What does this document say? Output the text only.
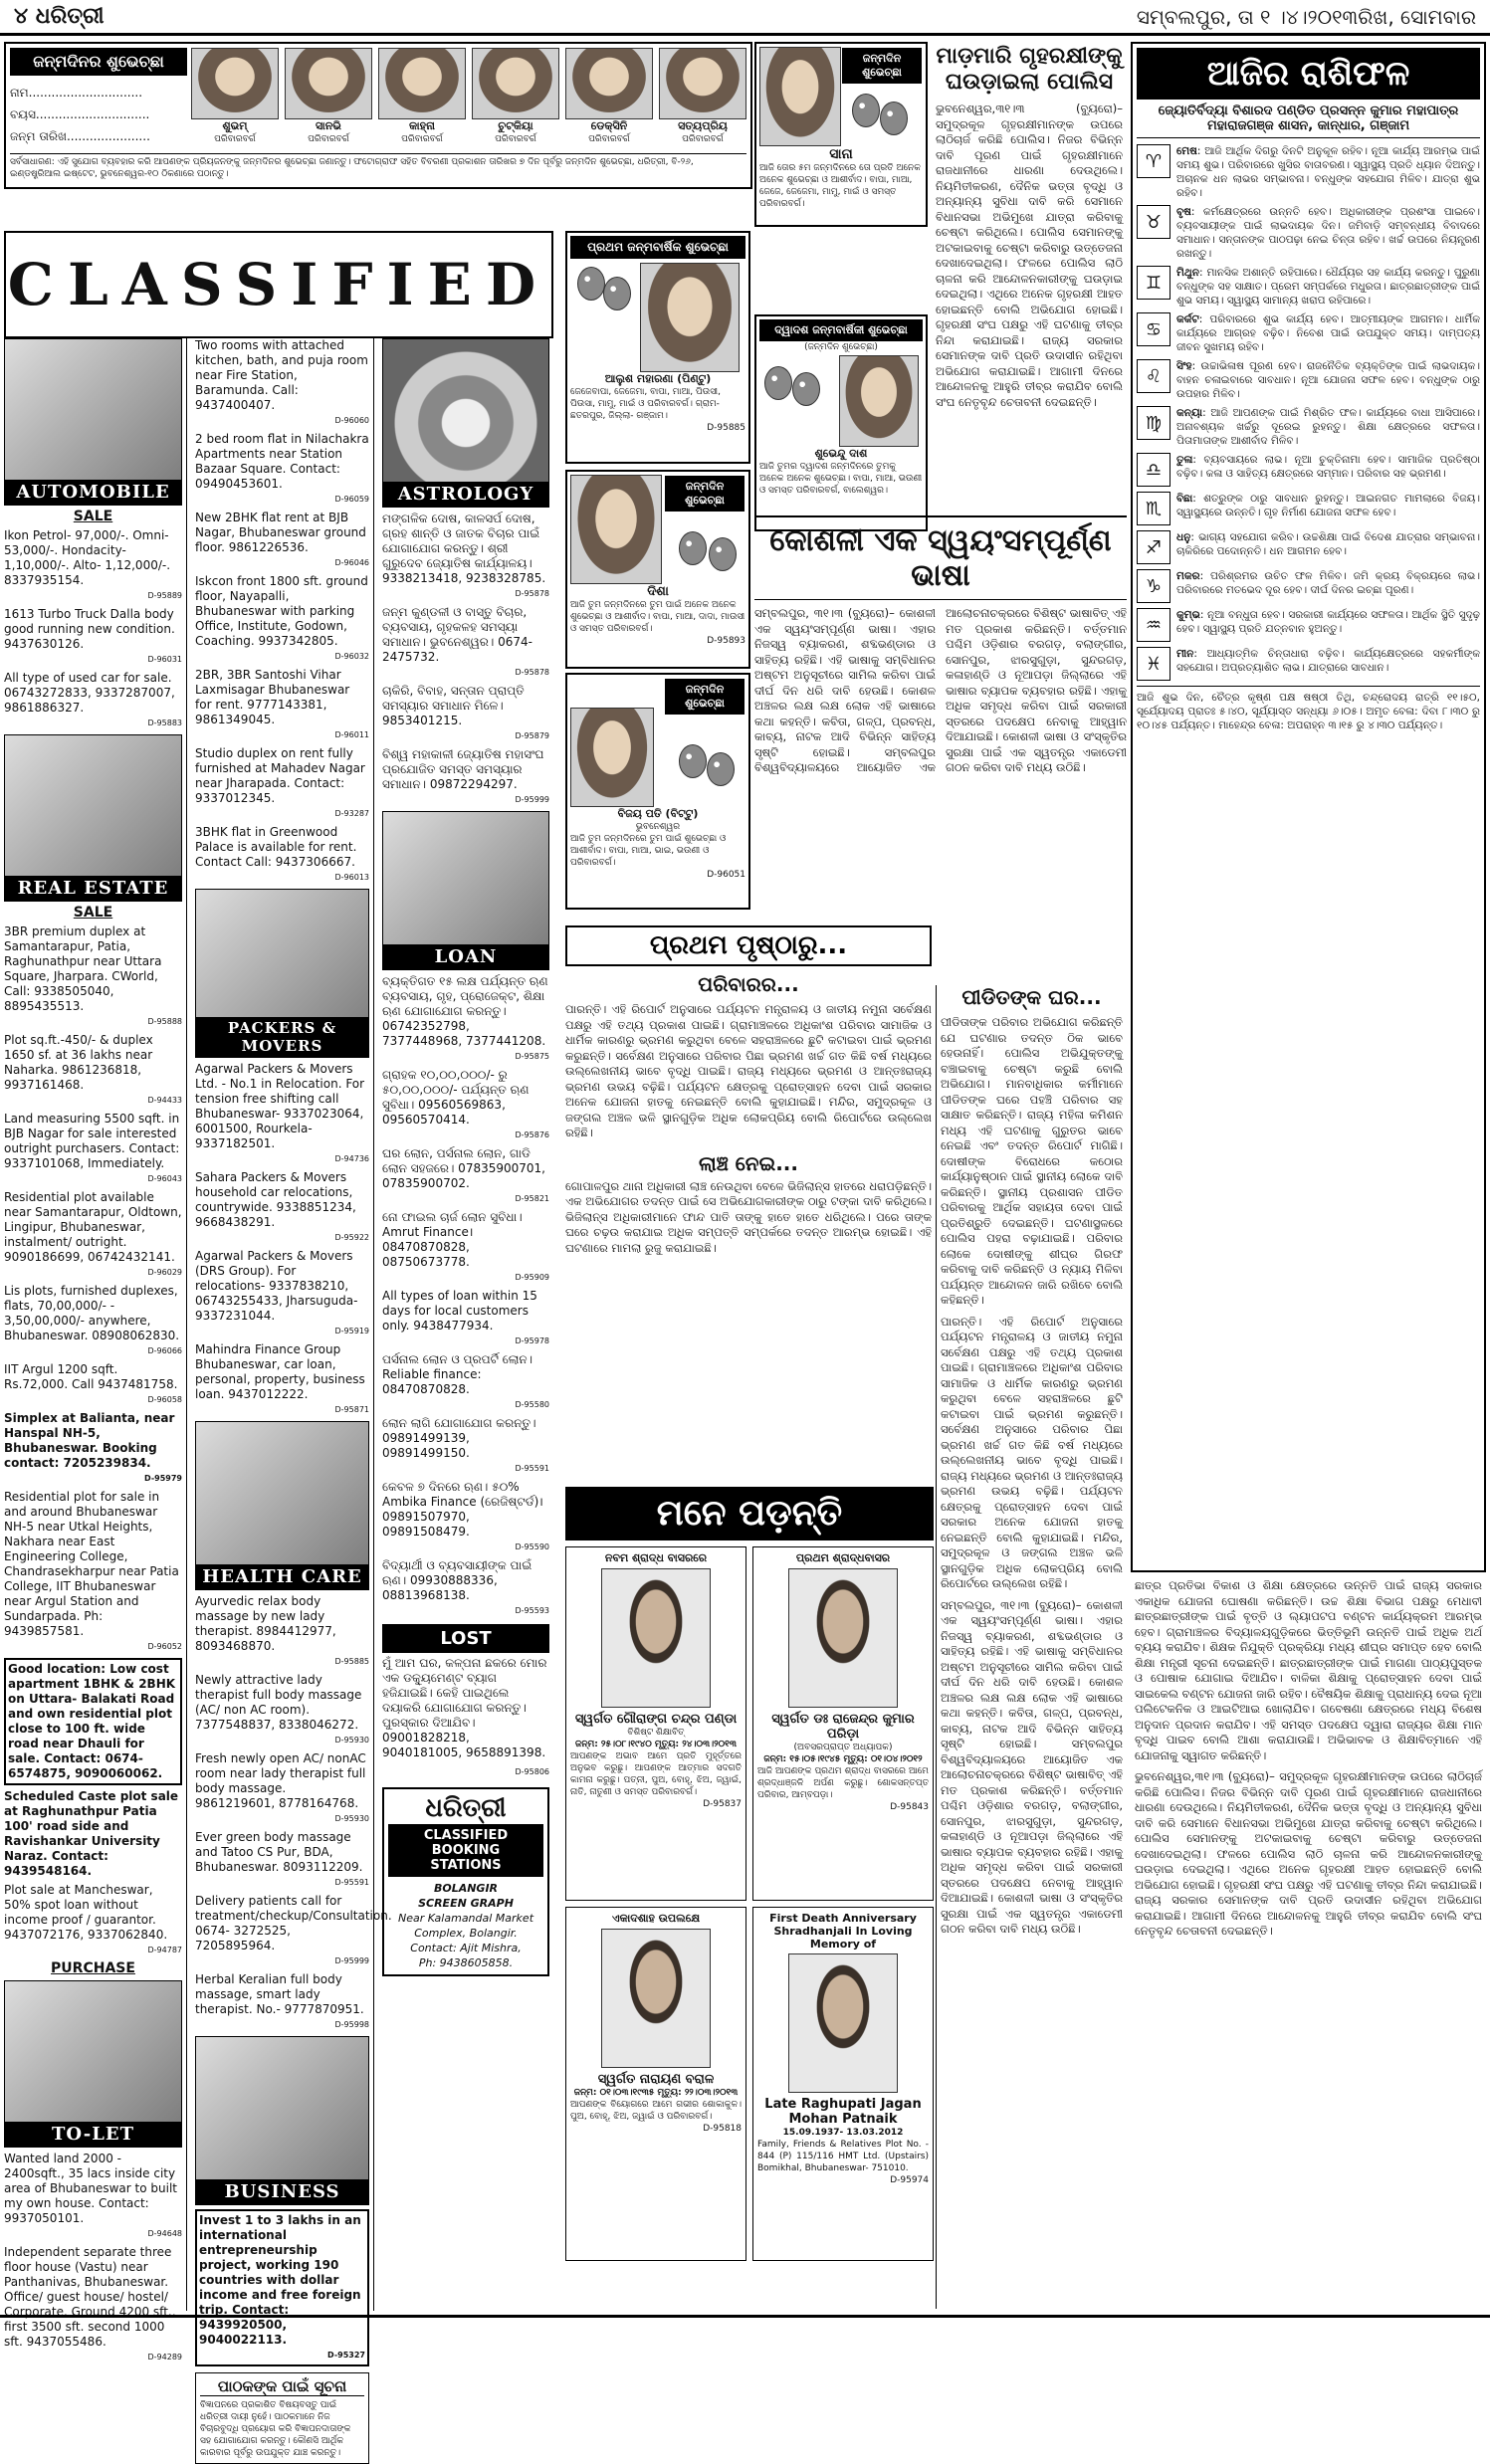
୪ ଧରିତ୍ରୀ	ସମ୍ବଲପୁର, ତା ୧ ।୪।୨୦୧୩ରିଖ, ସୋମବାର
ଜନ୍ମଦିନର ଶୁଭେଚ୍ଛା
ନାମ..............................
ବୟସ..............................
ଜନ୍ମ ତାରିଖ......................
ଶୁଭମ୍
ପରିବାରବର୍ଗ
ସାନଭି
ପରିବାରବର୍ଗ
କାହ୍ନା
ପରିବାରବର୍ଗ
ଚୁଟ୍‌କିୟା
ପରିବାରବର୍ଗ
ଡେକ୍ସିନି
ପରିବାରବର୍ଗ
ସତ୍ୟପ୍ରିୟ
ପରିବାରବର୍ଗ
ସର୍ବସାଧାରଣ: ଏହି ସୁଯୋଗ ବ୍ୟବହାର କରି ଆପଣଙ୍କ ପ୍ରିୟଜନଙ୍କୁ ଜନ୍ମଦିନର ଶୁଭେଚ୍ଛା ଜଣାନ୍ତୁ। ଫଟୋଗ୍ରାଫ ସହିତ ବିବରଣୀ ପ୍ରକାଶନ ତାରିଖର ୭ ଦିନ ପୂର୍ବରୁ ଜନ୍ମଦିନ ଶୁଭେଚ୍ଛା, ଧରିତ୍ରୀ, ବି-୨୬, ଇଣ୍ଡଷ୍ଟ୍ରିଆଲ ଇଷ୍ଟେଟ, ଭୁବନେଶ୍ୱର-୧୦ ଠିକଣାରେ ପଠାନ୍ତୁ।
CLASSIFIED
AUTOMOBILE
SALE
Ikon Petrol- 97,000/-. Omni- 53,000/-. Hondacity- 1,10,000/-. Alto- 1,12,000/-. 8337935154.
D-95889
1613 Turbo Truck Dalla body good running new condition. 9437630126.
D-96031
All type of used car for sale. 06743272833, 9337287007, 9861886327.
D-95883
REAL ESTATE
SALE
3BR premium duplex at Samantarapur, Patia, Raghunathpur near Uttara Square, Jharpara. CWorld, Call: 9338505040, 8895435513.
D-95888
Plot sq.ft.-450/- & duplex 1650 sf. at 36 lakhs near Naharka. 9861236818, 9937161468.
D-94433
Land measuring 5500 sqft. in BJB Nagar for sale interested outright purchasers. Contact: 9337101068, Immediately.
D-96043
Residential plot available near Samantarapur, Oldtown, Lingipur, Bhubaneswar, instalment/ outright. 9090186699, 06742432141.
D-96029
Lis plots, furnished duplexes, flats, 70,00,000/- - 3,50,00,000/- anywhere, Bhubaneswar. 08908062830.
D-96066
IIT Argul 1200 sqft. Rs.72,000. Call 9437481758.
D-96058
Simplex at Balianta, near Hanspal NH-5, Bhubaneswar. Booking contact: 7205239834.
D-95979
Residential plot for sale in and around Bhubaneswar NH-5 near Utkal Heights, Nakhara near East Engineering College, Chandrasekharpur near Patia College, IIT Bhubaneswar near Argul Station and Sundarpada. Ph: 9439857581.
D-96052
Good location: Low cost apartment 1BHK & 2BHK on Uttara- Balakati Road and own residential plot close to 100 ft. wide road near Dhauli for sale. Contact: 0674-6574875, 9090060062.
Scheduled Caste plot sale at Raghunathpur Patia 100' road side and Ravishankar University Naraz. Contact: 9439548164.
Plot sale at Mancheswar, 50% spot loan without income proof / guarantor. 9437072176, 9337062840.
D-94787
PURCHASE
TO-LET
Wanted land 2000 - 2400sqft., 35 lacs inside city area of Bhubaneswar to built my own house. Contact: 9937050101.
D-94648
Independent separate three floor house (Vastu) near Panthanivas, Bhubaneswar. Office/ guest house/ hostel/ Corporate. Ground 4200 sft., first 3500 sft. second 1000 sft. 9437055486.
D-94289
Two rooms with attached kitchen, bath, and puja room near Fire Station, Baramunda. Call: 9437400407.
D-96060
2 bed room flat in Nilachakra Apartments near Station Bazaar Square. Contact: 09490453601.
D-96059
New 2BHK flat rent at BJB Nagar, Bhubaneswar ground floor. 9861226536.
D-96046
Iskcon front 1800 sft. ground floor, Nayapalli, Bhubaneswar with parking Office, Institute, Godown, Coaching. 9937342805.
D-96032
2BR, 3BR Santoshi Vihar Laxmisagar Bhubaneswar for rent. 9777143381, 9861349045.
D-96011
Studio duplex on rent fully furnished at Mahadev Nagar near Jharapada. Contact: 9337012345.
D-93287
3BHK flat in Greenwood Palace is available for rent. Contact Call: 9437306667.
D-96013
PACKERS & MOVERS
Agarwal Packers & Movers Ltd. - No.1 in Relocation. For tension free shifting call Bhubaneswar- 9337023064, 6001500, Rourkela-9337182501.
D-94736
Sahara Packers & Movers household car relocations, countrywide. 9338851234, 9668438291.
D-95922
Agarwal Packers & Movers (DRS Group). For relocations- 9337838210, 06743255433, Jharsuguda- 9337231044.
D-95919
Mahindra Finance Group Bhubaneswar, car loan, personal, property, business loan. 9437012222.
D-95871
HEALTH CARE
Ayurvedic relax body massage by new lady therapist. 8984412977, 8093468870.
D-95885
Newly attractive lady therapist full body massage (AC/ non AC room). 7377548837, 8338046272.
D-95930
Fresh newly open AC/ nonAC room near lady therapist full body massage. 9861219601, 8778164768.
D-95930
Ever green body massage and Tatoo CS Pur, BDA, Bhubaneswar. 8093112209.
D-95591
Delivery patients call for treatment/checkup/Consultation. 0674- 3272525, 7205895964.
D-95999
Herbal Keralian full body massage, smart lady therapist. No.- 9777870951.
D-95998
BUSINESS
Invest 1 to 3 lakhs in an international entrepreneurship project, working 190 countries with dollar income and free foreign trip. Contact: 9439920500, 9040022113.
D-95327
ପାଠକଙ୍କ ପାଇଁ ସୂଚନା
ବିଜ୍ଞାପନରେ ପ୍ରକାଶିତ ବିଷୟବସ୍ତୁ ପାଇଁ ଧରିତ୍ରୀ ଦାୟୀ ନୁହେଁ। ପାଠକମାନେ ନିଜ ବିଚାରବୁଦ୍ଧି ପ୍ରୟୋଗ କରି ବିଜ୍ଞାପନଦାତାଙ୍କ ସହ ଯୋଗାଯୋଗ କରନ୍ତୁ। କୌଣସି ଆର୍ଥିକ କାରବାର ପୂର୍ବରୁ ଉପଯୁକ୍ତ ଯାଞ୍ଚ କରନ୍ତୁ।
ASTROLOGY
ମଙ୍ଗଳିକ ଦୋଷ, କାଳସର୍ପ ଦୋଷ, ଗ୍ରହ ଶାନ୍ତି ଓ ଜାତକ ବିଚାର ପାଇଁ ଯୋଗାଯୋଗ କରନ୍ତୁ। ଶ୍ରୀ ଗୁରୁଦେବ ଜ୍ୟୋତିଷ କାର୍ଯ୍ୟାଳୟ। 9338213418, 9238328785.
D-95878
ଜନ୍ମ କୁଣ୍ଡଳୀ ଓ ବାସ୍ତୁ ବିଚାର, ବ୍ୟବସାୟ, ଗୃହକଳହ ସମସ୍ୟା ସମାଧାନ। ଭୁବନେଶ୍ୱର। 0674-2475732.
D-95878
ଚାକିରି, ବିବାହ, ସନ୍ତାନ ପ୍ରାପ୍ତି ସମସ୍ୟାର ସମାଧାନ ମିଳେ। 9853401215.
D-95879
ବିଶ୍ୱ ମହାକାଳୀ ଜ୍ୟୋତିଷ ମହାସଂଘ ପ୍ରଯୋଜିତ ସମସ୍ତ ସମସ୍ୟାର ସମାଧାନ। 09872294297.
D-95999
LOAN
ବ୍ୟକ୍ତିଗତ ୧୫ ଲକ୍ଷ ପର୍ଯ୍ୟନ୍ତ ଋଣ ବ୍ୟବସାୟ, ଗୃହ, ପ୍ରୋଜେକ୍ଟ, ଶିକ୍ଷା ଋଣ ଯୋଗାଯୋଗ କରନ୍ତୁ। 06742352798, 7377448968, 7377441208.
D-95875
ଗ୍ରାହକ ୧୦,୦୦,୦୦୦/- ରୁ ୫୦,୦୦,୦୦୦/- ପର୍ଯ୍ୟନ୍ତ ଋଣ ସୁବିଧା। 09560569863, 09560570414.
D-95876
ଘର ଲୋନ, ପର୍ସନାଲ ଲୋନ, ଗାଡି ଲୋନ ସହଜରେ। 07835900701, 07835900702.
D-95821
ନୋ ଫାଇଲ ଚାର୍ଜ ଲୋନ ସୁବିଧା। Amrut Finance। 08470870828, 08750673778.
D-95909
All types of loan within 15 days for local customers only. 9438477934.
D-95978
ପର୍ସନାଲ ଲୋନ ଓ ପ୍ରପର୍ଟି ଲୋନ। Reliable finance: 08470870828.
D-95580
ଲୋନ ଲାଗି ଯୋଗାଯୋଗ କରନ୍ତୁ। 09891499139, 09891499150.
D-95591
କେବଳ ୭ ଦିନରେ ଋଣ। ୫୦% Ambika Finance (ରେଜିଷ୍ଟର୍ଡ)। 09891507970, 09891508479.
D-95590
ବିଦ୍ୟାର୍ଥୀ ଓ ବ୍ୟବସାୟୀଙ୍କ ପାଇଁ ଋଣ। 09930888336, 08813968138.
D-95593
LOST
ମୁଁ ଆମ ଘର, କଳ୍ପନା ଛକରେ ମୋର ଏକ ଡକ୍ୟୁମେଣ୍ଟ ବ୍ୟାଗ ହଜିଯାଇଛି। କେହି ପାଇଥିଲେ ଦୟାକରି ଯୋଗାଯୋଗ କରନ୍ତୁ। ପୁରସ୍କାର ଦିଆଯିବ। 09001828218, 9040181005, 9658891398.
D-95806
ଧରିତ୍ରୀ
CLASSIFIED BOOKING STATIONS
BOLANGIR
SCREEN GRAPH
Near Kalamandal Market Complex, Bolangir.
Contact: Ajit Mishra,
Ph: 9438605858.
ଜନ୍ମଦିନ ଶୁଭେଚ୍ଛା
ସାନା
ଆଜି ତୋର ୫ମ ଜନ୍ମଦିନରେ ତୋ ପ୍ରତି ଅନେକ ଅନେକ ଶୁଭେଚ୍ଛା ଓ ଆଶୀର୍ବାଦ। ବାପା, ମାଆ, ଜେଜେ, ଜେଜେମା, ମାମୁ, ମାଇଁ ଓ ସମସ୍ତ ପରିବାରବର୍ଗ।
ପ୍ରଥମ ଜନ୍ମବାର୍ଷିକ ଶୁଭେଚ୍ଛା
ଆଲୁଶ ମହାରଣା (ପିଣ୍ଟୁ)
ଜେଜେବାପା, ଜେଜେମା, ବାପା, ମାଆ, ପିଉସୀ, ପିଉସା, ମାମୁ, ମାଇଁ ଓ ପରିବାରବର୍ଗ। ଗ୍ରାମ- ଛତରପୁର, ଜିଲ୍ଲା- ଗଞ୍ଜାମ।
D-95885
ଦ୍ୱାଦଶ ଜନ୍ମବାର୍ଷିକୀ ଶୁଭେଚ୍ଛା
(ଜନ୍ମଦିନ ଶୁଭେଚ୍ଛା)
ଶୁଭେନ୍ଦୁ ଦାଶ
ଆଜି ତୁମର ଦ୍ୱାଦଶ ଜନ୍ମଦିନରେ ତୁମକୁ ଅନେକ ଅନେକ ଶୁଭେଚ୍ଛା। ବାପା, ମାଆ, ଭଉଣୀ ଓ ସମସ୍ତ ପରିବାରବର୍ଗ, ବାଲେଶ୍ୱର।
ଜନ୍ମଦିନ ଶୁଭେଚ୍ଛା
ଦିଶା
ଆଜି ତୁମ ଜନ୍ମଦିନରେ ତୁମ ପାଇଁ ଅନେକ ଅନେକ ଶୁଭେଚ୍ଛା ଓ ଆଶୀର୍ବାଦ। ବାପା, ମାଆ, ଦାଦା, ମାଉସୀ ଓ ସମସ୍ତ ପରିବାରବର୍ଗ।
D-95893
ଜନ୍ମଦିନ ଶୁଭେଚ୍ଛା
ବିଜୟ ପତି (ବିଟ୍ଟୁ)
ଭୁବନେଶ୍ୱର
ଆଜି ତୁମ ଜନ୍ମଦିନରେ ତୁମ ପାଇଁ ଶୁଭେଚ୍ଛା ଓ ଆଶୀର୍ବାଦ। ବାପା, ମାଆ, ଭାଇ, ଭଉଣୀ ଓ ପରିବାରବର୍ଗ।
D-96051
ମାଡ଼ମାରି ଗୃହରକ୍ଷୀଙ୍କୁ ଘଉଡ଼ାଇଲା ପୋଲିସ
ଭୁବନେଶ୍ୱର,୩୧।୩ (ବ୍ୟୁରୋ)– ସମୁଦ୍ରକୂଳ ଗୃହରକ୍ଷୀମାନଙ୍କ ଉପରେ ଲାଠିଚାର୍ଜ କରିଛି ପୋଲିସ। ନିଜର ବିଭିନ୍ନ ଦାବି ପୂରଣ ପାଇଁ ଗୃହରକ୍ଷୀମାନେ ରାଜଧାନୀରେ ଧାରଣା ଦେଉଥିଲେ। ନିୟମିତୀକରଣ, ଦୈନିକ ଭତ୍ତା ବୃଦ୍ଧି ଓ ଅନ୍ୟାନ୍ୟ ସୁବିଧା ଦାବି କରି ସେମାନେ ବିଧାନସଭା ଅଭିମୁଖେ ଯାତ୍ରା କରିବାକୁ ଚେଷ୍ଟା କରିଥିଲେ। ପୋଲିସ ସେମାନଙ୍କୁ ଅଟକାଇବାକୁ ଚେଷ୍ଟା କରିବାରୁ ଉତ୍ତେଜନା ଦେଖାଦେଇଥିଲା। ଫଳରେ ପୋଲିସ ଲାଠି ଚାଳନା କରି ଆନ୍ଦୋଳନକାରୀଙ୍କୁ ଘଉଡ଼ାଇ ଦେଇଥିଲା। ଏଥିରେ ଅନେକ ଗୃହରକ୍ଷୀ ଆହତ ହୋଇଛନ୍ତି ବୋଲି ଅଭିଯୋଗ ହୋଇଛି। ଗୃହରକ୍ଷୀ ସଂଘ ପକ୍ଷରୁ ଏହି ଘଟଣାକୁ ତୀବ୍ର ନିନ୍ଦା କରାଯାଇଛି। ରାଜ୍ୟ ସରକାର ସେମାନଙ୍କ ଦାବି ପ୍ରତି ଉଦାସୀନ ରହିଥିବା ଅଭିଯୋଗ କରାଯାଇଛି। ଆଗାମୀ ଦିନରେ ଆନ୍ଦୋଳନକୁ ଆହୁରି ତୀବ୍ର କରାଯିବ ବୋଲି ସଂଘ ନେତୃବୃନ୍ଦ ଚେତାବନୀ ଦେଇଛନ୍ତି।
କୋଶଳୀ ଏକ ସ୍ୱୟଂସମ୍ପୂର୍ଣ୍ଣ ଭାଷା
ସମ୍ବଲପୁର, ୩୧।୩ (ବ୍ୟୁରୋ)– କୋଶଳୀ ଏକ ସ୍ୱୟଂସମ୍ପୂର୍ଣ୍ଣ ଭାଷା। ଏହାର ନିଜସ୍ୱ ବ୍ୟାକରଣ, ଶବ୍ଦଭଣ୍ଡାର ଓ ସାହିତ୍ୟ ରହିଛି। ଏହି ଭାଷାକୁ ସମ୍ବିଧାନର ଅଷ୍ଟମ ଅନୁସୂଚୀରେ ସାମିଲ କରିବା ପାଇଁ ଦୀର୍ଘ ଦିନ ଧରି ଦାବି ହେଉଛି। କୋଶଳ ଅଞ୍ଚଳର ଲକ୍ଷ ଲକ୍ଷ ଲୋକ ଏହି ଭାଷାରେ କଥା କହନ୍ତି। କବିତା, ଗଳ୍ପ, ପ୍ରବନ୍ଧ, କାବ୍ୟ, ନାଟକ ଆଦି ବିଭିନ୍ନ ସାହିତ୍ୟ ସୃଷ୍ଟି ହୋଇଛି। ସମ୍ବଲପୁର ବିଶ୍ୱବିଦ୍ୟାଳୟରେ ଆୟୋଜିତ ଏକ ଆଲୋଚନାଚକ୍ରରେ ବିଶିଷ୍ଟ ଭାଷାବିତ୍ ଏହି ମତ ପ୍ରକାଶ କରିଛନ୍ତି। ବର୍ତ୍ତମାନ ପଶ୍ଚିମ ଓଡ଼ିଶାର ବରଗଡ଼, ବଲାଙ୍ଗୀର, ସୋନପୁର, ଝାରସୁଗୁଡ଼ା, ସୁନ୍ଦରଗଡ଼, କଳାହାଣ୍ଡି ଓ ନୂଆପଡ଼ା ଜିଲ୍ଲାରେ ଏହି ଭାଷାର ବ୍ୟାପକ ବ୍ୟବହାର ରହିଛି। ଏହାକୁ ଅଧିକ ସମୃଦ୍ଧ କରିବା ପାଇଁ ସରକାରୀ ସ୍ତରରେ ପଦକ୍ଷେପ ନେବାକୁ ଆହ୍ୱାନ ଦିଆଯାଇଛି। କୋଶଳୀ ଭାଷା ଓ ସଂସ୍କୃତିର ସୁରକ୍ଷା ପାଇଁ ଏକ ସ୍ୱତନ୍ତ୍ର ଏକାଡେମୀ ଗଠନ କରିବା ଦାବି ମଧ୍ୟ ଉଠିଛି।
ପ୍ରଥମ ପୃଷ୍ଠାରୁ...
ପରିବାରର...
ପାରନ୍ତି। ଏହି ରିପୋର୍ଟ ଅନୁସାରେ ପର୍ଯ୍ୟଟନ ମନ୍ତ୍ରାଳୟ ଓ ଜାତୀୟ ନମୁନା ସର୍ବେକ୍ଷଣ ପକ୍ଷରୁ ଏହି ତଥ୍ୟ ପ୍ରକାଶ ପାଇଛି। ଗ୍ରାମାଞ୍ଚଳରେ ଅଧିକାଂଶ ପରିବାର ସାମାଜିକ ଓ ଧାର୍ମିକ କାରଣରୁ ଭ୍ରମଣ କରୁଥିବା ବେଳେ ସହରାଞ୍ଚଳରେ ଛୁଟି କଟାଇବା ପାଇଁ ଭ୍ରମଣ କରୁଛନ୍ତି। ସର୍ବେକ୍ଷଣ ଅନୁସାରେ ପରିବାର ପିଛା ଭ୍ରମଣ ଖର୍ଚ୍ଚ ଗତ କିଛି ବର୍ଷ ମଧ୍ୟରେ ଉଲ୍ଲେଖନୀୟ ଭାବେ ବୃଦ୍ଧି ପାଇଛି। ରାଜ୍ୟ ମଧ୍ୟରେ ଭ୍ରମଣ ଓ ଆନ୍ତଃରାଜ୍ୟ ଭ୍ରମଣ ଉଭୟ ବଢ଼ିଛି। ପର୍ଯ୍ୟଟନ କ୍ଷେତ୍ରକୁ ପ୍ରୋତ୍ସାହନ ଦେବା ପାଇଁ ସରକାର ଅନେକ ଯୋଜନା ହାତକୁ ନେଇଛନ୍ତି ବୋଲି କୁହାଯାଇଛି। ମନ୍ଦିର, ସମୁଦ୍ରକୂଳ ଓ ଜଙ୍ଗଲ ଅଞ୍ଚଳ ଭଳି ସ୍ଥାନଗୁଡ଼ିକ ଅଧିକ ଲୋକପ୍ରିୟ ବୋଲି ରିପୋର୍ଟରେ ଉଲ୍ଲେଖ ରହିଛି।
ଲାଞ୍ଚ ନେଇ...
ଗୋପାଳପୁର ଥାନା ଅଧିକାରୀ ଲାଞ୍ଚ ନେଉଥିବା ବେଳେ ଭିଜିଲାନ୍ସ ହାତରେ ଧରାପଡ଼ିଛନ୍ତି। ଏକ ଅଭିଯୋଗର ତଦନ୍ତ ପାଇଁ ସେ ଅଭିଯୋଗକାରୀଙ୍କ ଠାରୁ ଟଙ୍କା ଦାବି କରିଥିଲେ। ଭିଜିଲାନ୍ସ ଅଧିକାରୀମାନେ ଫାନ୍ଦ ପାତି ତାଙ୍କୁ ହାତେ ହାତେ ଧରିଥିଲେ। ପରେ ତାଙ୍କ ଘରେ ଚଢ଼ଉ କରାଯାଇ ଅଧିକ ସମ୍ପତ୍ତି ସମ୍ପର୍କରେ ତଦନ୍ତ ଆରମ୍ଭ ହୋଇଛି। ଏହି ଘଟଣାରେ ମାମଲା ରୁଜୁ କରାଯାଇଛି।
ପୀଡିତଙ୍କ ଘର...
ପୀଡିତାଙ୍କ ପରିବାର ଅଭିଯୋଗ କରିଛନ୍ତି ଯେ ଘଟଣାର ତଦନ୍ତ ଠିକ ଭାବେ ହେଉନାହିଁ। ପୋଲିସ ଅଭିଯୁକ୍ତଙ୍କୁ ବଞ୍ଚାଇବାକୁ ଚେଷ୍ଟା କରୁଛି ବୋଲି ଅଭିଯୋଗ। ମାନବାଧିକାର କର୍ମୀମାନେ ପୀଡିତଙ୍କ ଘରେ ପହଞ୍ଚି ପରିବାର ସହ ସାକ୍ଷାତ କରିଛନ୍ତି। ରାଜ୍ୟ ମହିଳା କମିଶନ ମଧ୍ୟ ଏହି ଘଟଣାକୁ ଗୁରୁତର ଭାବେ ନେଇଛି ଏବଂ ତଦନ୍ତ ରିପୋର୍ଟ ମାଗିଛି। ଦୋଷୀଙ୍କ ବିରୋଧରେ କଠୋର କାର୍ଯ୍ୟାନୁଷ୍ଠାନ ପାଇଁ ସ୍ଥାନୀୟ ଲୋକେ ଦାବି କରିଛନ୍ତି। ସ୍ଥାନୀୟ ପ୍ରଶାସନ ପୀଡିତ ପରିବାରକୁ ଆର୍ଥିକ ସହାୟତା ଦେବା ପାଇଁ ପ୍ରତିଶ୍ରୁତି ଦେଇଛନ୍ତି। ଘଟଣାସ୍ଥଳରେ ପୋଲିସ ପହରା ବଢ଼ାଯାଇଛି। ପରିବାର ଲୋକେ ଦୋଷୀଙ୍କୁ ଶୀଘ୍ର ଗିରଫ କରିବାକୁ ଦାବି କରିଛନ୍ତି ଓ ନ୍ୟାୟ ମିଳିବା ପର୍ଯ୍ୟନ୍ତ ଆନ୍ଦୋଳନ ଜାରି ରଖିବେ ବୋଲି କହିଛନ୍ତି।
ପାରନ୍ତି। ଏହି ରିପୋର୍ଟ ଅନୁସାରେ ପର୍ଯ୍ୟଟନ ମନ୍ତ୍ରାଳୟ ଓ ଜାତୀୟ ନମୁନା ସର୍ବେକ୍ଷଣ ପକ୍ଷରୁ ଏହି ତଥ୍ୟ ପ୍ରକାଶ ପାଇଛି। ଗ୍ରାମାଞ୍ଚଳରେ ଅଧିକାଂଶ ପରିବାର ସାମାଜିକ ଓ ଧାର୍ମିକ କାରଣରୁ ଭ୍ରମଣ କରୁଥିବା ବେଳେ ସହରାଞ୍ଚଳରେ ଛୁଟି କଟାଇବା ପାଇଁ ଭ୍ରମଣ କରୁଛନ୍ତି। ସର୍ବେକ୍ଷଣ ଅନୁସାରେ ପରିବାର ପିଛା ଭ୍ରମଣ ଖର୍ଚ୍ଚ ଗତ କିଛି ବର୍ଷ ମଧ୍ୟରେ ଉଲ୍ଲେଖନୀୟ ଭାବେ ବୃଦ୍ଧି ପାଇଛି। ରାଜ୍ୟ ମଧ୍ୟରେ ଭ୍ରମଣ ଓ ଆନ୍ତଃରାଜ୍ୟ ଭ୍ରମଣ ଉଭୟ ବଢ଼ିଛି। ପର୍ଯ୍ୟଟନ କ୍ଷେତ୍ରକୁ ପ୍ରୋତ୍ସାହନ ଦେବା ପାଇଁ ସରକାର ଅନେକ ଯୋଜନା ହାତକୁ ନେଇଛନ୍ତି ବୋଲି କୁହାଯାଇଛି। ମନ୍ଦିର, ସମୁଦ୍ରକୂଳ ଓ ଜଙ୍ଗଲ ଅଞ୍ଚଳ ଭଳି ସ୍ଥାନଗୁଡ଼ିକ ଅଧିକ ଲୋକପ୍ରିୟ ବୋଲି ରିପୋର୍ଟରେ ଉଲ୍ଲେଖ ରହିଛି।
ସମ୍ବଲପୁର, ୩୧।୩ (ବ୍ୟୁରୋ)– କୋଶଳୀ ଏକ ସ୍ୱୟଂସମ୍ପୂର୍ଣ୍ଣ ଭାଷା। ଏହାର ନିଜସ୍ୱ ବ୍ୟାକରଣ, ଶବ୍ଦଭଣ୍ଡାର ଓ ସାହିତ୍ୟ ରହିଛି। ଏହି ଭାଷାକୁ ସମ୍ବିଧାନର ଅଷ୍ଟମ ଅନୁସୂଚୀରେ ସାମିଲ କରିବା ପାଇଁ ଦୀର୍ଘ ଦିନ ଧରି ଦାବି ହେଉଛି। କୋଶଳ ଅଞ୍ଚଳର ଲକ୍ଷ ଲକ୍ଷ ଲୋକ ଏହି ଭାଷାରେ କଥା କହନ୍ତି। କବିତା, ଗଳ୍ପ, ପ୍ରବନ୍ଧ, କାବ୍ୟ, ନାଟକ ଆଦି ବିଭିନ୍ନ ସାହିତ୍ୟ ସୃଷ୍ଟି ହୋଇଛି। ସମ୍ବଲପୁର ବିଶ୍ୱବିଦ୍ୟାଳୟରେ ଆୟୋଜିତ ଏକ ଆଲୋଚନାଚକ୍ରରେ ବିଶିଷ୍ଟ ଭାଷାବିତ୍ ଏହି ମତ ପ୍ରକାଶ କରିଛନ୍ତି। ବର୍ତ୍ତମାନ ପଶ୍ଚିମ ଓଡ଼ିଶାର ବରଗଡ଼, ବଲାଙ୍ଗୀର, ସୋନପୁର, ଝାରସୁଗୁଡ଼ା, ସୁନ୍ଦରଗଡ଼, କଳାହାଣ୍ଡି ଓ ନୂଆପଡ଼ା ଜିଲ୍ଲାରେ ଏହି ଭାଷାର ବ୍ୟାପକ ବ୍ୟବହାର ରହିଛି। ଏହାକୁ ଅଧିକ ସମୃଦ୍ଧ କରିବା ପାଇଁ ସରକାରୀ ସ୍ତରରେ ପଦକ୍ଷେପ ନେବାକୁ ଆହ୍ୱାନ ଦିଆଯାଇଛି। କୋଶଳୀ ଭାଷା ଓ ସଂସ୍କୃତିର ସୁରକ୍ଷା ପାଇଁ ଏକ ସ୍ୱତନ୍ତ୍ର ଏକାଡେମୀ ଗଠନ କରିବା ଦାବି ମଧ୍ୟ ଉଠିଛି।
ମନେ ପଡ଼ନ୍ତି
ନବମ ଶ୍ରାଦ୍ଧ ବାସରରେ
ସ୍ୱର୍ଗତ ଗୌରାଙ୍ଗ ଚନ୍ଦ୍ର ପଣ୍ଡା
ବିଶିଷ୍ଟ ଶିକ୍ଷାବିତ୍
ଜନ୍ମ: ୨୫।୦୮।୧୯୪୦ ମୃତ୍ୟୁ: ୨୪।୦୩।୨୦୧୩
ଆପଣଙ୍କ ଅଭାବ ଆମେ ପ୍ରତି ମୁହୂର୍ତ୍ତରେ ଅନୁଭବ କରୁଛୁ। ଆପଣଙ୍କ ଆତ୍ମାର ସଦଗତି କାମନା କରୁଛୁ। ପତ୍ନୀ, ପୁଅ, ବୋହୂ, ଝିଅ, ଜ୍ୱାଇଁ, ନାତି, ନାତୁଣୀ ଓ ସମସ୍ତ ପରିବାରବର୍ଗ।
D-95837
ପ୍ରଥମ ଶ୍ରାଦ୍ଧବାସର
ସ୍ୱର୍ଗତ ଡଃ ରାଜେନ୍ଦ୍ର କୁମାର ପରିଡ଼ା
(ଅବସରପ୍ରାପ୍ତ ଅଧ୍ୟାପକ)
ଜନ୍ମ: ୧୫।୦୫।୧୯୪୫ ମୃତ୍ୟୁ: ୦୧।୦୪।୨୦୧୨
ଆଜି ଆପଣଙ୍କ ପ୍ରଥମ ଶ୍ରାଦ୍ଧ ବାସରରେ ଆମେ ଶ୍ରଦ୍ଧାଞ୍ଜଳି ଅର୍ପଣ କରୁଛୁ। ଶୋକସନ୍ତପ୍ତ ପରିବାର, ଆମ୍ବପଡ଼ା।
D-95843
ଏକାଦଶାହ ଉପଲକ୍ଷେ
ସ୍ୱର୍ଗତ ନାରାୟଣ ବରାଳ
ଜନ୍ମ: ୦୧।୦୩।୧୯୩୫ ମୃତ୍ୟୁ: ୨୨।୦୩।୨୦୧୩
ଆପଣଙ୍କ ବିୟୋଗରେ ଆମେ ଗଭୀର ଶୋକାକୁଳ। ପୁଅ, ବୋହୂ, ଝିଅ, ଜ୍ୱାଇଁ ଓ ପରିବାରବର୍ଗ।
D-95818
First Death Anniversary Shradhanjali In Loving Memory of
Late Raghupati Jagan Mohan Patnaik
15.09.1937- 13.03.2012
Family, Friends & Relatives Plot No. - 844 (P) 115/116 HMT Ltd. (Upstairs) Bomikhal, Bhubaneswar- 751010.
D-95974
ଆଜିର ରାଶିଫଳ
ଜ୍ୟୋତିର୍ବିଦ୍ୟା ବିଶାରଦ ପଣ୍ଡିତ ପ୍ରସନ୍ନ କୁମାର ମହାପାତ୍ର
ମହାରାଜଗଞ୍ଜ ଶାସନ, କାନ୍ଧାର, ଗଞ୍ଜାମ
♈	ମେଷ: ଆଜି ଆର୍ଥିକ ଦିଗରୁ ଦିନଟି ଅନୁକୂଳ ରହିବ। ନୂଆ କାର୍ଯ୍ୟ ଆରମ୍ଭ ପାଇଁ ସମୟ ଶୁଭ। ପରିବାରରେ ଖୁସିର ବାତାବରଣ। ସ୍ୱାସ୍ଥ୍ୟ ପ୍ରତି ଧ୍ୟାନ ଦିଅନ୍ତୁ। ଅଚାନକ ଧନ ଲାଭର ସମ୍ଭାବନା। ବନ୍ଧୁଙ୍କ ସହଯୋଗ ମିଳିବ। ଯାତ୍ରା ଶୁଭ ରହିବ।
♉	ବୃଷ: କର୍ମକ୍ଷେତ୍ରରେ ଉନ୍ନତି ହେବ। ଅଧିକାରୀଙ୍କ ପ୍ରଶଂସା ପାଇବେ। ବ୍ୟବସାୟୀଙ୍କ ପାଇଁ ଲାଭଦାୟକ ଦିନ। ଜମିବାଡ଼ି ସମ୍ବନ୍ଧୀୟ ବିବାଦରେ ସମାଧାନ। ସନ୍ତାନଙ୍କ ପାଠପଢ଼ା ନେଇ ଚିନ୍ତା ରହିବ। ଖର୍ଚ୍ଚ ଉପରେ ନିୟନ୍ତ୍ରଣ ରଖନ୍ତୁ।
♊	ମିଥୁନ: ମାନସିକ ଅଶାନ୍ତି ରହିପାରେ। ଧୈର୍ଯ୍ୟର ସହ କାର୍ଯ୍ୟ କରନ୍ତୁ। ପୁରୁଣା ବନ୍ଧୁଙ୍କ ସହ ସାକ୍ଷାତ। ପ୍ରେମ ସମ୍ପର୍କରେ ମଧୁରତା। ଛାତ୍ରଛାତ୍ରୀଙ୍କ ପାଇଁ ଶୁଭ ସମୟ। ସ୍ୱାସ୍ଥ୍ୟ ସାମାନ୍ୟ ଖରାପ ରହିପାରେ।
♋	କର୍କଟ: ପରିବାରରେ ଶୁଭ କାର୍ଯ୍ୟ ହେବ। ଆତ୍ମୀୟଙ୍କ ଆଗମନ। ଧାର୍ମିକ କାର୍ଯ୍ୟରେ ଆଗ୍ରହ ବଢ଼ିବ। ନିବେଶ ପାଇଁ ଉପଯୁକ୍ତ ସମୟ। ଦାମ୍ପତ୍ୟ ଜୀବନ ସୁଖମୟ ରହିବ।
♌	ସିଂହ: ଉଚ୍ଚାଭିଳାଷ ପୂରଣ ହେବ। ରାଜନୈତିକ ବ୍ୟକ୍ତିଙ୍କ ପାଇଁ ଲାଭଦାୟକ। ବାହନ ଚଳାଇବାରେ ସାବଧାନ। ନୂଆ ଯୋଜନା ସଫଳ ହେବ। ବନ୍ଧୁଙ୍କ ଠାରୁ ଉପହାର ମିଳିବ।
♍	କନ୍ୟା: ଆଜି ଆପଣଙ୍କ ପାଇଁ ମିଶ୍ରିତ ଫଳ। କାର୍ଯ୍ୟରେ ବାଧା ଆସିପାରେ। ଅନାବଶ୍ୟକ ଖର୍ଚ୍ଚରୁ ଦୂରେଇ ରୁହନ୍ତୁ। ଶିକ୍ଷା କ୍ଷେତ୍ରରେ ସଫଳତା। ପିତାମାତାଙ୍କ ଆଶୀର୍ବାଦ ମିଳିବ।
♎	ତୁଳା: ବ୍ୟବସାୟରେ ଲାଭ। ନୂଆ ଚୁକ୍ତିନାମା ହେବ। ସାମାଜିକ ପ୍ରତିଷ୍ଠା ବଢ଼ିବ। କଳା ଓ ସାହିତ୍ୟ କ୍ଷେତ୍ରରେ ସମ୍ମାନ। ପରିବାର ସହ ଭ୍ରମଣ।
♏	ବିଛା: ଶତ୍ରୁଙ୍କ ଠାରୁ ସାବଧାନ ରୁହନ୍ତୁ। ଆଇନଗତ ମାମଲାରେ ବିଜୟ। ସ୍ୱାସ୍ଥ୍ୟରେ ଉନ୍ନତି। ଗୃହ ନିର୍ମାଣ ଯୋଜନା ସଫଳ ହେବ।
♐	ଧନୁ: ଭାଗ୍ୟ ସହଯୋଗ କରିବ। ଉଚ୍ଚଶିକ୍ଷା ପାଇଁ ବିଦେଶ ଯାତ୍ରାର ସମ୍ଭାବନା। ଚାକିରିରେ ପଦୋନ୍ନତି। ଧନ ଆଗମନ ହେବ।
♑	ମକର: ପରିଶ୍ରମର ଉଚିତ ଫଳ ମିଳିବ। ଜମି କ୍ରୟ ବିକ୍ରୟରେ ଲାଭ। ପରିବାରରେ ମତଭେଦ ଦୂର ହେବ। ଦୀର୍ଘ ଦିନର ଇଚ୍ଛା ପୂରଣ।
♒	କୁମ୍ଭ: ନୂଆ ବନ୍ଧୁତା ହେବ। ସରକାରୀ କାର୍ଯ୍ୟରେ ସଫଳତା। ଆର୍ଥିକ ସ୍ଥିତି ସୁଦୃଢ଼ ହେବ। ସ୍ୱାସ୍ଥ୍ୟ ପ୍ରତି ଯତ୍ନବାନ ହୁଅନ୍ତୁ।
♓	ମୀନ: ଆଧ୍ୟାତ୍ମିକ ଚିନ୍ତାଧାରା ବଢ଼ିବ। କାର୍ଯ୍ୟକ୍ଷେତ୍ରରେ ସହକର୍ମୀଙ୍କ ସହଯୋଗ। ଅପ୍ରତ୍ୟାଶିତ ଲାଭ। ଯାତ୍ରାରେ ସାବଧାନ।
ଆଜି ଶୁଭ ଦିନ, ଚୈତ୍ର କୃଷ୍ଣ ପକ୍ଷ ଷଷ୍ଠୀ ତିଥି, ଚନ୍ଦ୍ରୋଦୟ ରାତ୍ରି ୧୧।୫୦, ସୂର୍ଯ୍ୟୋଦୟ ପ୍ରାତଃ ୫।୪୦, ସୂର୍ଯ୍ୟାସ୍ତ ସନ୍ଧ୍ୟା ୬।୦୫। ଅମୃତ ବେଳା: ଦିବା ୮।୩୦ ରୁ ୧୦।୪୫ ପର୍ଯ୍ୟନ୍ତ। ମାହେନ୍ଦ୍ର ବେଳା: ଅପରାହ୍ନ ୩।୧୫ ରୁ ୪।୩୦ ପର୍ଯ୍ୟନ୍ତ।
ଛାତ୍ର ପ୍ରତିଭା ବିକାଶ ଓ ଶିକ୍ଷା କ୍ଷେତ୍ରରେ ଉନ୍ନତି ପାଇଁ ରାଜ୍ୟ ସରକାର ଏକାଧିକ ଯୋଜନା ଘୋଷଣା କରିଛନ୍ତି। ଉଚ୍ଚ ଶିକ୍ଷା ବିଭାଗ ପକ୍ଷରୁ ମେଧାବୀ ଛାତ୍ରଛାତ୍ରୀଙ୍କ ପାଇଁ ବୃତ୍ତି ଓ ଲ୍ୟାପଟପ ବଣ୍ଟନ କାର୍ଯ୍ୟକ୍ରମ ଆରମ୍ଭ ହେବ। ଗ୍ରାମାଞ୍ଚଳର ବିଦ୍ୟାଳୟଗୁଡ଼ିକରେ ଭିତ୍ତିଭୂମି ଉନ୍ନତି ପାଇଁ ଅଧିକ ଅର୍ଥ ବ୍ୟୟ କରାଯିବ। ଶିକ୍ଷକ ନିଯୁକ୍ତି ପ୍ରକ୍ରିୟା ମଧ୍ୟ ଶୀଘ୍ର ସମାପ୍ତ ହେବ ବୋଲି ଶିକ୍ଷା ମନ୍ତ୍ରୀ ସୂଚନା ଦେଇଛନ୍ତି। ଛାତ୍ରଛାତ୍ରୀଙ୍କ ପାଇଁ ମାଗଣା ପାଠ୍ୟପୁସ୍ତକ ଓ ପୋଷାକ ଯୋଗାଇ ଦିଆଯିବ। ବାଳିକା ଶିକ୍ଷାକୁ ପ୍ରୋତ୍ସାହନ ଦେବା ପାଇଁ ସାଇକେଲ ବଣ୍ଟନ ଯୋଜନା ଜାରି ରହିବ। ବୈଷୟିକ ଶିକ୍ଷାକୁ ପ୍ରାଧାନ୍ୟ ଦେଇ ନୂଆ ପଲିଟେକନିକ ଓ ଆଇଟିଆଇ ଖୋଲାଯିବ। ଗବେଷଣା କ୍ଷେତ୍ରରେ ମଧ୍ୟ ବିଶେଷ ଅନୁଦାନ ପ୍ରଦାନ କରାଯିବ। ଏହି ସମସ୍ତ ପଦକ୍ଷେପ ଦ୍ୱାରା ରାଜ୍ୟର ଶିକ୍ଷା ମାନ ବୃଦ୍ଧି ପାଇବ ବୋଲି ଆଶା କରାଯାଉଛି। ଅଭିଭାବକ ଓ ଶିକ୍ଷାବିତ୍‌ମାନେ ଏହି ଯୋଜନାକୁ ସ୍ୱାଗତ କରିଛନ୍ତି।
ଭୁବନେଶ୍ୱର,୩୧।୩ (ବ୍ୟୁରୋ)– ସମୁଦ୍ରକୂଳ ଗୃହରକ୍ଷୀମାନଙ୍କ ଉପରେ ଲାଠିଚାର୍ଜ କରିଛି ପୋଲିସ। ନିଜର ବିଭିନ୍ନ ଦାବି ପୂରଣ ପାଇଁ ଗୃହରକ୍ଷୀମାନେ ରାଜଧାନୀରେ ଧାରଣା ଦେଉଥିଲେ। ନିୟମିତୀକରଣ, ଦୈନିକ ଭତ୍ତା ବୃଦ୍ଧି ଓ ଅନ୍ୟାନ୍ୟ ସୁବିଧା ଦାବି କରି ସେମାନେ ବିଧାନସଭା ଅଭିମୁଖେ ଯାତ୍ରା କରିବାକୁ ଚେଷ୍ଟା କରିଥିଲେ। ପୋଲିସ ସେମାନଙ୍କୁ ଅଟକାଇବାକୁ ଚେଷ୍ଟା କରିବାରୁ ଉତ୍ତେଜନା ଦେଖାଦେଇଥିଲା। ଫଳରେ ପୋଲିସ ଲାଠି ଚାଳନା କରି ଆନ୍ଦୋଳନକାରୀଙ୍କୁ ଘଉଡ଼ାଇ ଦେଇଥିଲା। ଏଥିରେ ଅନେକ ଗୃହରକ୍ଷୀ ଆହତ ହୋଇଛନ୍ତି ବୋଲି ଅଭିଯୋଗ ହୋଇଛି। ଗୃହରକ୍ଷୀ ସଂଘ ପକ୍ଷରୁ ଏହି ଘଟଣାକୁ ତୀବ୍ର ନିନ୍ଦା କରାଯାଇଛି। ରାଜ୍ୟ ସରକାର ସେମାନଙ୍କ ଦାବି ପ୍ରତି ଉଦାସୀନ ରହିଥିବା ଅଭିଯୋଗ କରାଯାଇଛି। ଆଗାମୀ ଦିନରେ ଆନ୍ଦୋଳନକୁ ଆହୁରି ତୀବ୍ର କରାଯିବ ବୋଲି ସଂଘ ନେତୃବୃନ୍ଦ ଚେତାବନୀ ଦେଇଛନ୍ତି।
